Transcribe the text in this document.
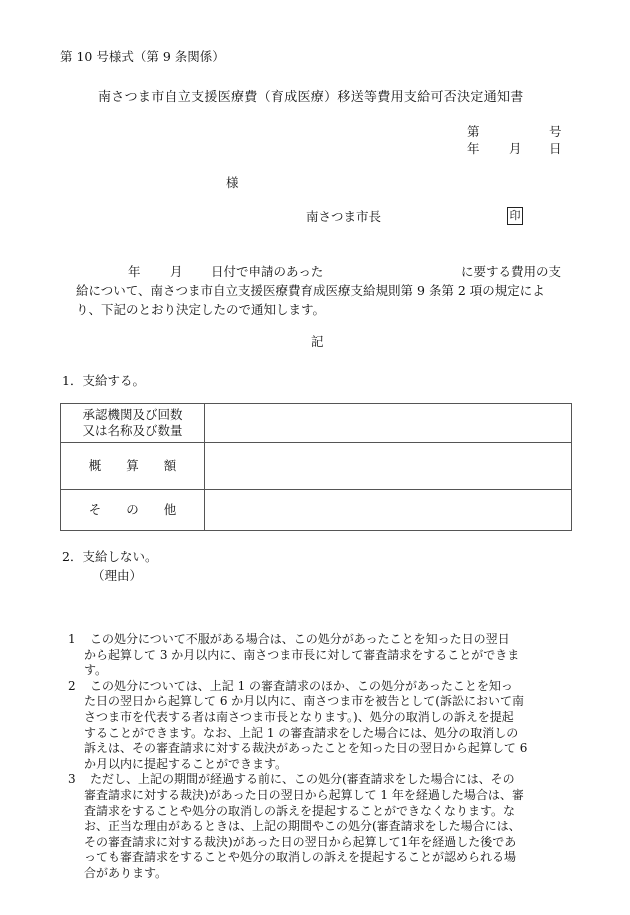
第 10 号様式（第 9 条関係）
南さつま市自立支援医療費（育成医療）移送等費用支給可否決定通知書
第	号
年 月 日
様
南さつま市長	印
年 月 日付で申請のあった	に要する費用の支
給について、南さつま市自立支援医療費育成医療支給規則第 9 条第 2 項の規定によ
り、下記のとおり決定したので通知します。
記
1．支給する。
承認機関及び回数
又は名称及び数量	

概　　算　　額	
そ　　の　　他	
2．支給しない。
（理由）
1	この処分について不服がある場合は、この処分があったことを知った日の翌日
から起算して 3 か月以内に、南さつま市長に対して審査請求をすることができま
す。
2	この処分については、上記 1 の審査請求のほか、この処分があったことを知っ
た日の翌日から起算して 6 か月以内に、南さつま市を被告として(訴訟において南
さつま市を代表する者は南さつま市長となります。)、処分の取消しの訴えを提起
することができます。なお、上記 1 の審査請求をした場合には、処分の取消しの
訴えは、その審査請求に対する裁決があったことを知った日の翌日から起算して 6
か月以内に提起することができます。
3	ただし、上記の期間が経過する前に、この処分(審査請求をした場合には、その
審査請求に対する裁決)があった日の翌日から起算して 1 年を経過した場合は、審
査請求をすることや処分の取消しの訴えを提起することができなくなります。な
お、正当な理由があるときは、上記の期間やこの処分(審査請求をした場合には、
その審査請求に対する裁決)があった日の翌日から起算して1年を経過した後であ
っても審査請求をすることや処分の取消しの訴えを提起することが認められる場
合があります。
